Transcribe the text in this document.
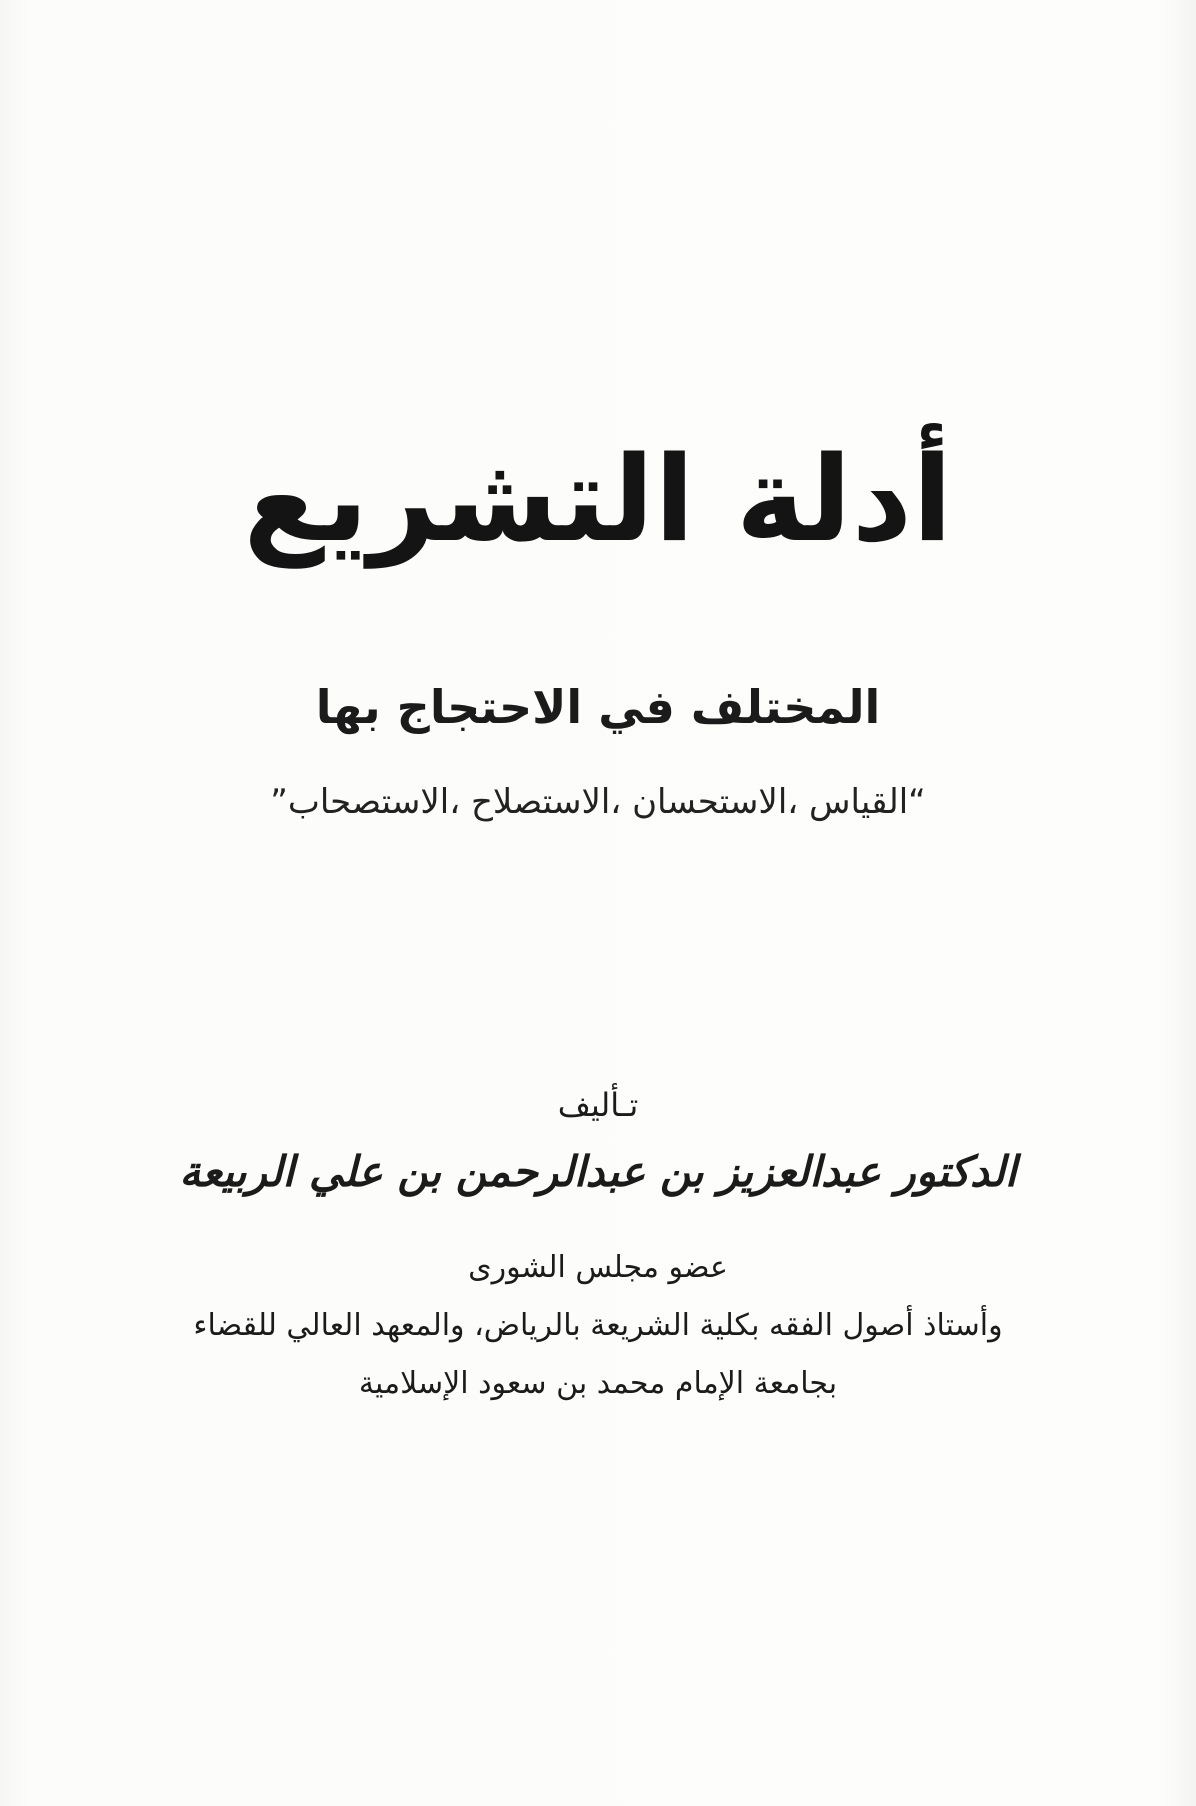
أدلة التشريع
المختلف في الاحتجاج بها
“القياس ،الاستحسان ،الاستصلاح ،الاستصحاب”
تـأليف
الدكتور عبدالعزيز بن عبدالرحمن بن علي الربيعة
عضو مجلس الشورى
وأستاذ أصول الفقه بكلية الشريعة بالرياض، والمعهد العالي للقضاء
بجامعة الإمام محمد بن سعود الإسلامية
